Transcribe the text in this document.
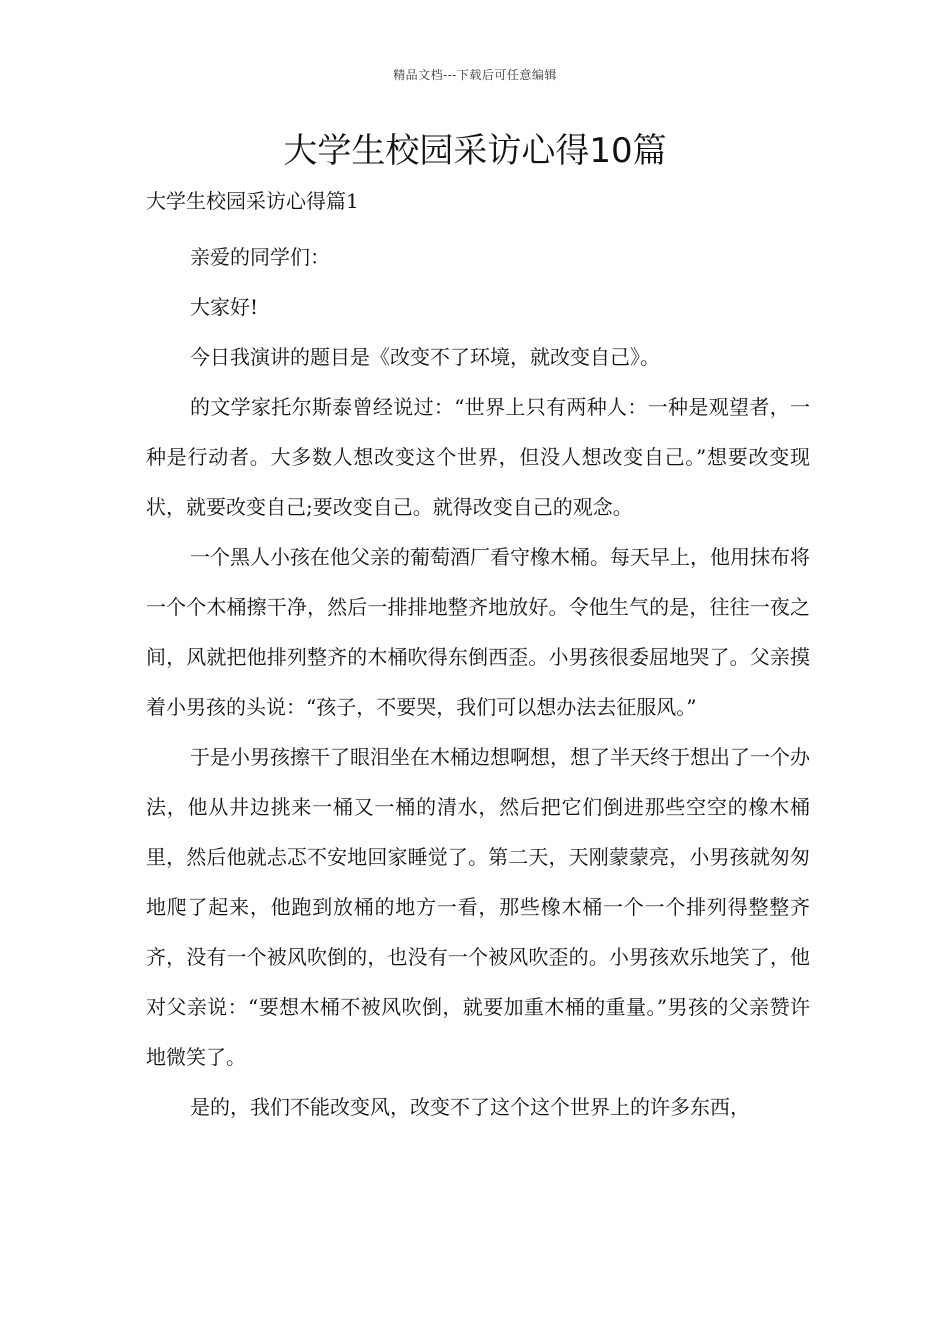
精品文档---下载后可任意编辑
大学生校园采访心得10篇

大学生校园采访心得篇1

亲爱的同学们：

大家好!

今日我演讲的题目是《改变不了环境，就改变自己》。

的文学家托尔斯泰曾经说过：“世界上只有两种人：一种是观望者，一种是行动者。大多数人想改变这个世界，但没人想改变自己。”想要改变现状，就要改变自己;要改变自己。就得改变自己的观念。

一个黑人小孩在他父亲的葡萄酒厂看守橡木桶。每天早上，他用抹布将一个个木桶擦干净，然后一排排地整齐地放好。令他生气的是，往往一夜之间，风就把他排列整齐的木桶吹得东倒西歪。小男孩很委屈地哭了。父亲摸着小男孩的头说：“孩子，不要哭，我们可以想办法去征服风。”

于是小男孩擦干了眼泪坐在木桶边想啊想，想了半天终于想出了一个办法，他从井边挑来一桶又一桶的清水，然后把它们倒进那些空空的橡木桶里，然后他就忐忑不安地回家睡觉了。第二天，天刚蒙蒙亮，小男孩就匆匆地爬了起来，他跑到放桶的地方一看，那些橡木桶一个一个排列得整整齐齐，没有一个被风吹倒的，也没有一个被风吹歪的。小男孩欢乐地笑了，他对父亲说：“要想木桶不被风吹倒，就要加重木桶的重量。”男孩的父亲赞许地微笑了。

是的，我们不能改变风，改变不了这个这个世界上的许多东西，
